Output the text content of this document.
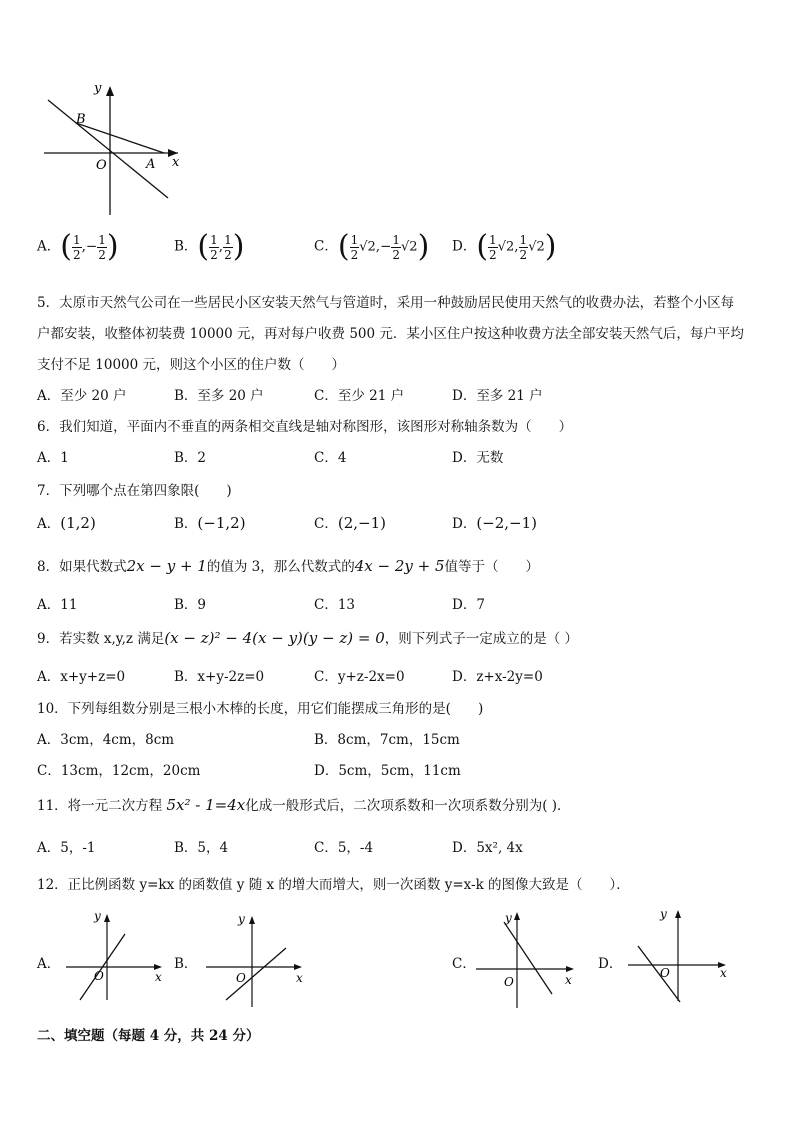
y
x
O	A
B
A．( $\frac{1}{2}$ ,− $\frac{1}{2}$ )	B．( $\frac{1}{2}$ , $\frac{1}{2}$ )	C．( $\frac{1}{2} √2,- \frac{1}{2} √2$) D．( $\frac{1}{2} √2$, $\frac{1}{2} √2$)
5．太原市天然气公司在一些居民小区安装天然气与管道时，采用一种鼓励居民使用天然气的收费办法，若整个小区每
户都安装，收整体初装费 10000 元，再对每户收费 500 元．某小区住户按这种收费方法全部安装天然气后，每户平均
支付不足 10000 元，则这个小区的住户数（　　）
A．至少 20 户	B．至多 20 户	C．至少 21 户	D．至多 21 户
6．我们知道，平面内不垂直的两条相交直线是轴对称图形，该图形对称轴条数为（　　）
A．1	B．2	C．4	D．无数
7．下列哪个点在第四象限(　　)
A．(1,2)	B．(−1,2)	C．(2,−1)	D．(−2,−1)
8．如果代数式2x − y + 1的值为 3，那么代数式的4x − 2y + 5值等于（　　）
A．11	B．9	C．13	D．7
9．若实数 x,y,z 满足(x − z)² − 4(x − y)(y − z) = 0，则下列式子一定成立的是（ ）
A．x+y+z=0	B．x+y-2z=0	C．y+z-2x=0	D．z+x-2y=0
10．下列每组数分别是三根小木棒的长度，用它们能摆成三角形的是(　　)
A．3cm，4cm，8cm	B．8cm，7cm，15cm
C．13cm，12cm，20cm	D．5cm，5cm，11cm
11．将一元二次方程 5x² - 1=4x化成一般形式后，二次项系数和一次项系数分别为( )．
A．5，-1	B．5，4	C．5，-4	D．5x², 4x
12．正比例函数 y=kx 的函数值 y 随 x 的增大而增大，则一次函数 y=x-k 的图像大致是（　　）．
A．
y
x
O
B．
y
x
O
C．
y
x
O
D．
y
x
O
二、填空题（每题 4 分，共 24 分）
